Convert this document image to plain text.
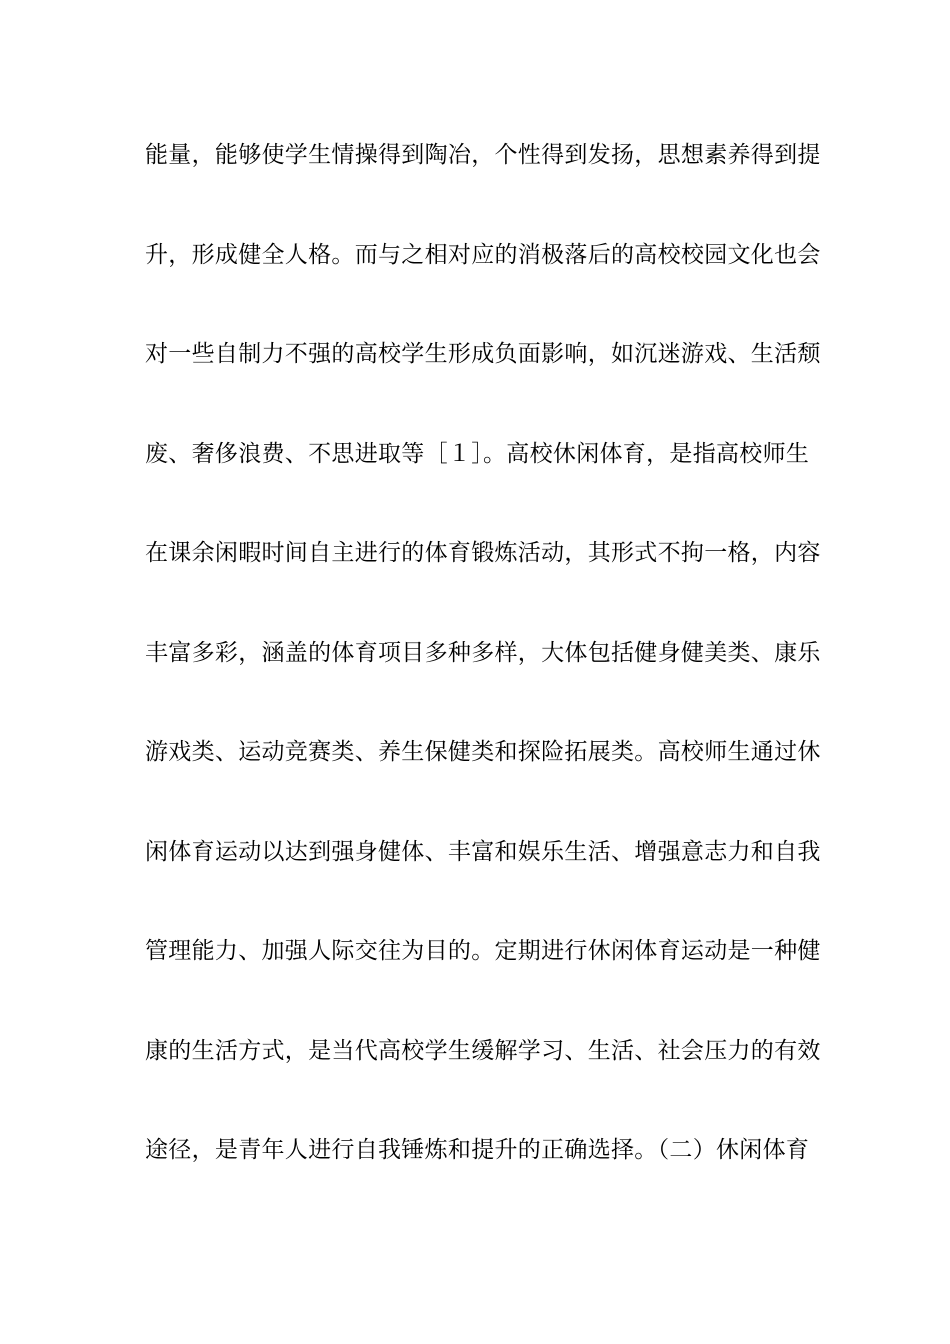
能量，能够使学生情操得到陶冶，个性得到发扬，思想素养得到提
升，形成健全人格。而与之相对应的消极落后的高校校园文化也会
对一些自制力不强的高校学生形成负面影响，如沉迷游戏、生活颓
废、奢侈浪费、不思进取等［１］。高校休闲体育，是指高校师生
在课余闲暇时间自主进行的体育锻炼活动，其形式不拘一格，内容
丰富多彩，涵盖的体育项目多种多样，大体包括健身健美类、康乐
游戏类、运动竞赛类、养生保健类和探险拓展类。高校师生通过休
闲体育运动以达到强身健体、丰富和娱乐生活、增强意志力和自我
管理能力、加强人际交往为目的。定期进行休闲体育运动是一种健
康的生活方式，是当代高校学生缓解学习、生活、社会压力的有效
途径，是青年人进行自我锤炼和提升的正确选择。（二）休闲体育
